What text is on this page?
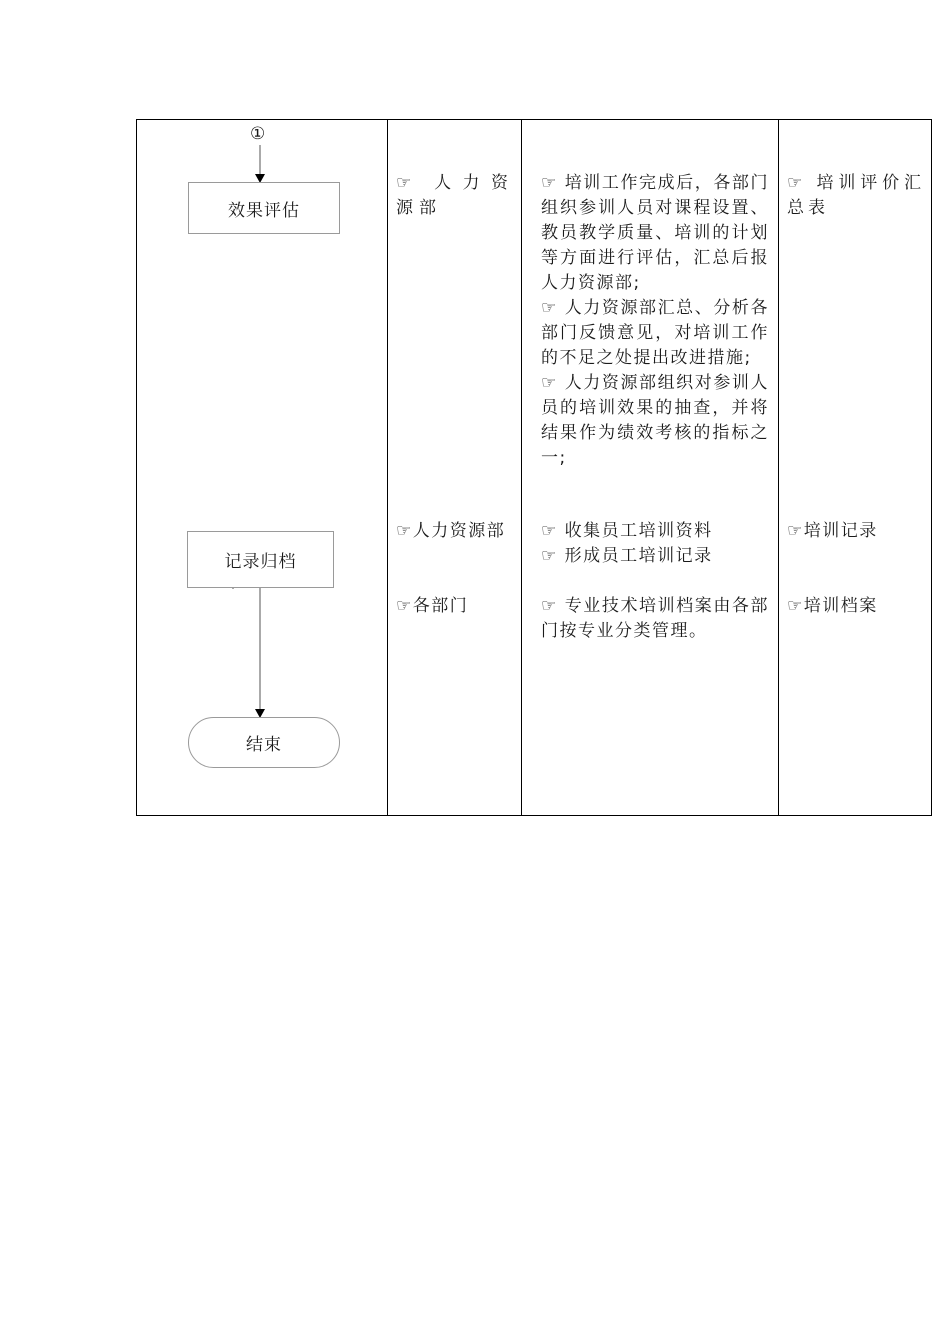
①
效果评估
记录归档
结束
☞ 人力资源部
☞ 培训工作完成后，各部门组织参训人员对课程设置、教员教学质量、培训的计划等方面进行评估，汇总后报人力资源部;
☞ 人力资源部汇总、分析各部门反馈意见，对培训工作的不足之处提出改进措施;
☞ 人力资源部组织对参训人员的培训效果的抽查，并将结果作为绩效考核的指标之一;
☞ 培训评价汇总表
☞人力资源部	☞ 收集员工培训资料
☞ 形成员工培训记录
☞培训记录
☞各部门	☞ 专业技术培训档案由各部门按专业分类管理。
☞培训档案
